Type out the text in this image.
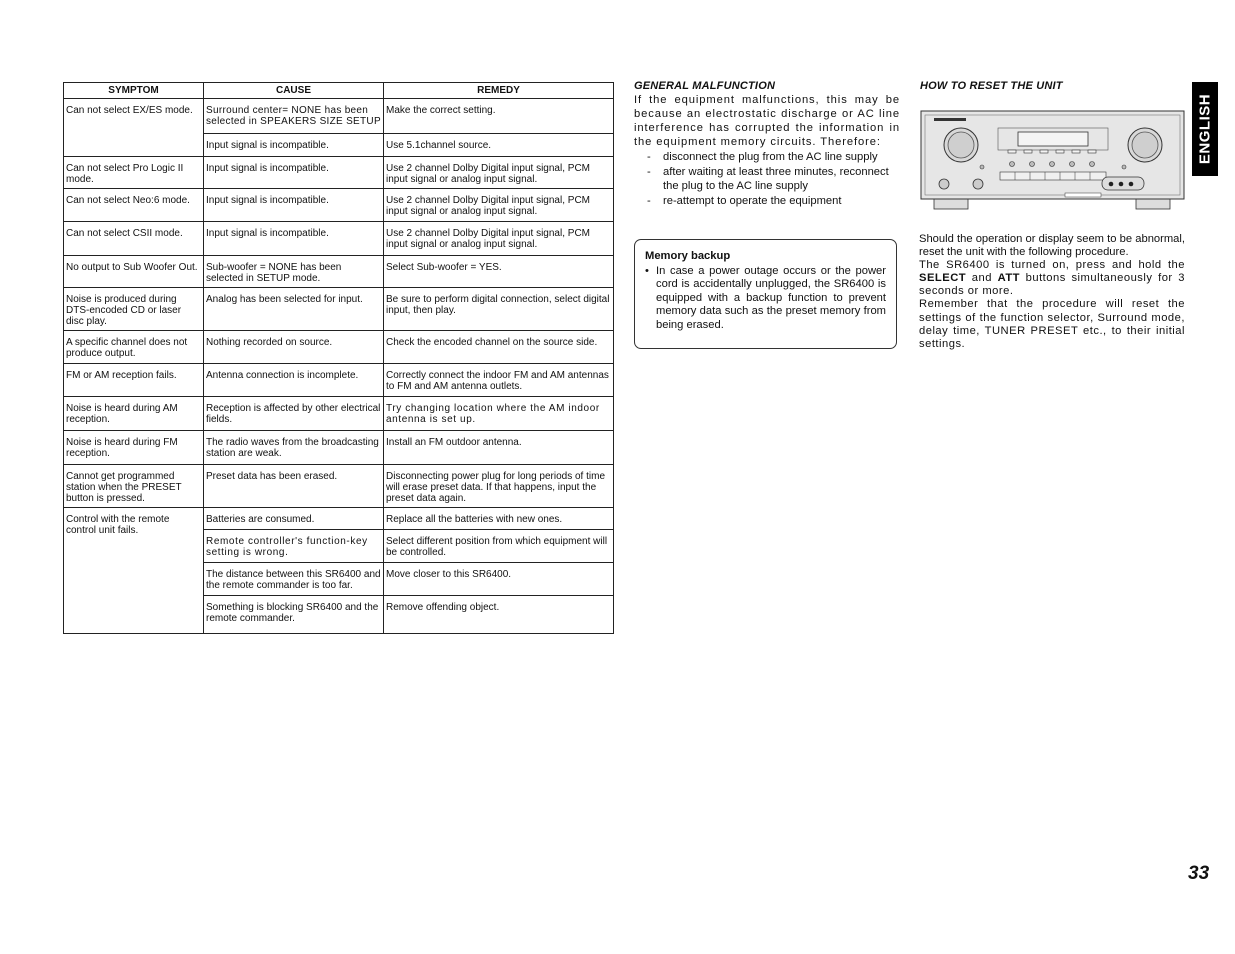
SYMPTOM	CAUSE	REMEDY
Can not select EX/ES mode.	Surround center= NONE has been selected in SPEAKERS SIZE SETUP	Make the correct setting.
	Input signal is incompatible.	Use 5.1channel source.
Can not select Pro Logic II mode.	Input signal is incompatible.	Use 2 channel Dolby Digital input signal, PCM input signal or analog input signal.
Can not select Neo:6 mode.	Input signal is incompatible.	Use 2 channel Dolby Digital input signal, PCM input signal or analog input signal.
Can not select CSII mode.	Input signal is incompatible.	Use 2 channel Dolby Digital input signal, PCM input signal or analog input signal.
No output to Sub Woofer Out.	Sub-woofer = NONE has been selected in SETUP mode.	Select Sub-woofer = YES.
Noise is produced during DTS-encoded CD or laser disc play.	Analog has been selected for input.	Be sure to perform digital connection, select digital input, then play.
A specific channel does not produce output.	Nothing recorded on source.	Check the encoded channel on the source side.
FM or AM reception fails.	Antenna connection is incomplete.	Correctly connect the indoor FM and AM antennas to FM and AM antenna outlets.
Noise is heard during AM reception.	Reception is affected by other electrical fields.	Try changing location where the AM indoor antenna is set up.
Noise is heard during FM reception.	The radio waves from the broadcasting station are weak.	Install an FM outdoor antenna.
Cannot get programmed station when the PRESET button is pressed.	Preset data has been erased.	Disconnecting power plug for long periods of time will erase preset data. If that happens, input the preset data again.
Control with the remote control unit fails.	Batteries are consumed.	Replace all the batteries with new ones.
	Remote controller's function-key setting is wrong.	Select different position from which equipment will be controlled.
	The distance between this SR6400 and the remote commander is too far.	Move closer to this SR6400.
	Something is blocking SR6400 and the remote commander.	Remove offending object.
GENERAL MALFUNCTION

If the equipment malfunctions, this may be because an electrostatic discharge or AC line interference has corrupted the information in the equipment memory circuits. Therefore:

- disconnect the plug from the AC line supply
- after waiting at least three minutes, reconnect the plug to the AC line supply
- re-attempt to operate the equipment
Memory backup
• In case a power outage occurs or the power cord is accidentally unplugged, the SR6400 is equipped with a backup function to prevent memory data such as the preset memory from being erased.
HOW TO RESET THE UNIT

Should the operation or display seem to be abnormal, reset the unit with the following procedure.

The SR6400 is turned on, press and hold the SELECT and ATT buttons simultaneously for 3 seconds or more.

Remember that the procedure will reset the settings of the function selector, Surround mode, delay time, TUNER PRESET etc., to their initial settings.

ENGLISH
33
